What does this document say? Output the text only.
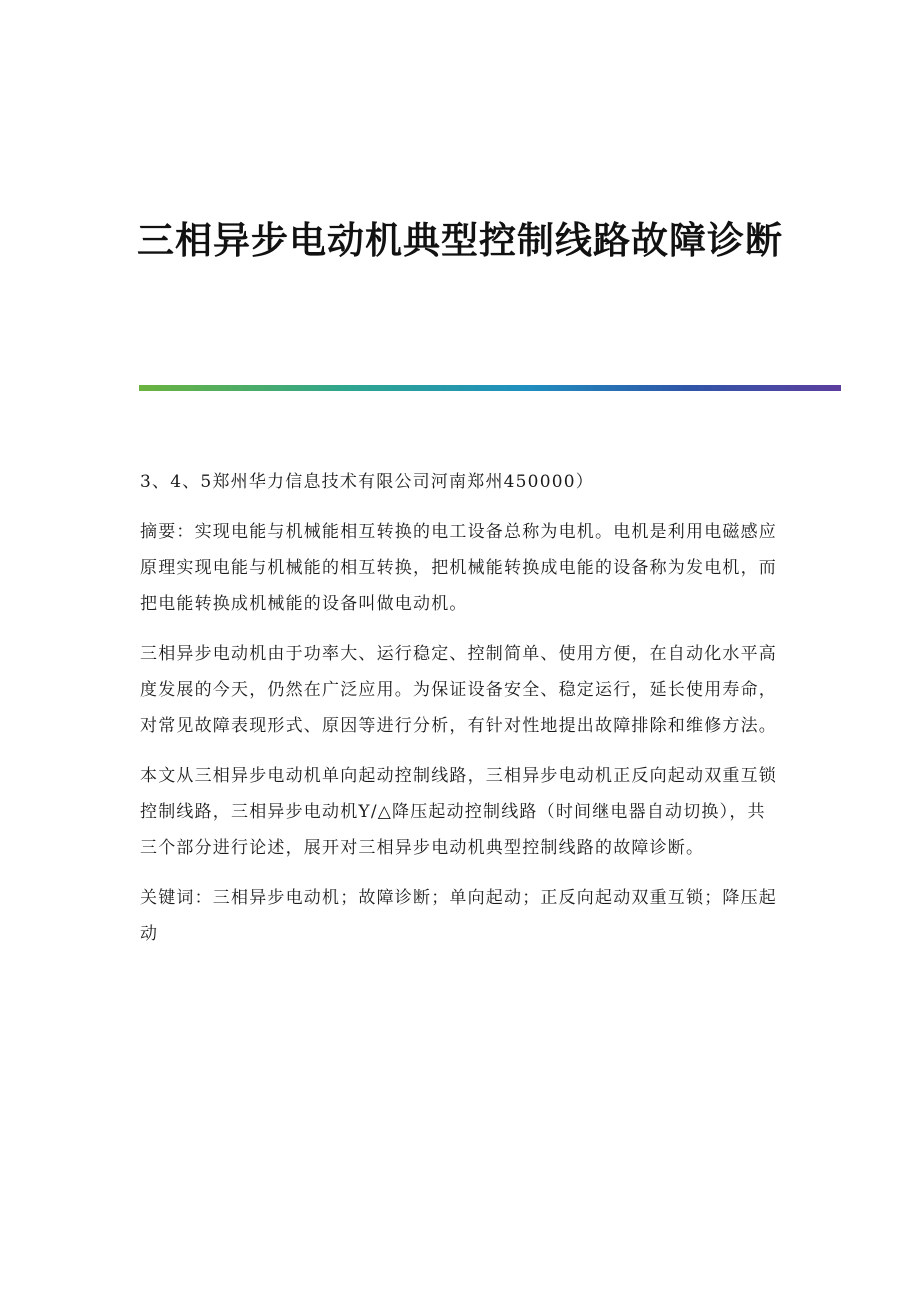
三相异步电动机典型控制线路故障诊断

3、4、5郑州华力信息技术有限公司河南郑州450000）

摘要：实现电能与机械能相互转换的电工设备总称为电机。电机是利用电磁感应原理实现电能与机械能的相互转换，把机械能转换成电能的设备称为发电机，而把电能转换成机械能的设备叫做电动机。

三相异步电动机由于功率大、运行稳定、控制简单、使用方便，在自动化水平高度发展的今天，仍然在广泛应用。为保证设备安全、稳定运行，延长使用寿命，对常见故障表现形式、原因等进行分析，有针对性地提出故障排除和维修方法。

本文从三相异步电动机单向起动控制线路，三相异步电动机正反向起动双重互锁控制线路，三相异步电动机Y/△降压起动控制线路（时间继电器自动切换），共三个部分进行论述，展开对三相异步电动机典型控制线路的故障诊断。

关键词：三相异步电动机；故障诊断；单向起动；正反向起动双重互锁；降压起动
